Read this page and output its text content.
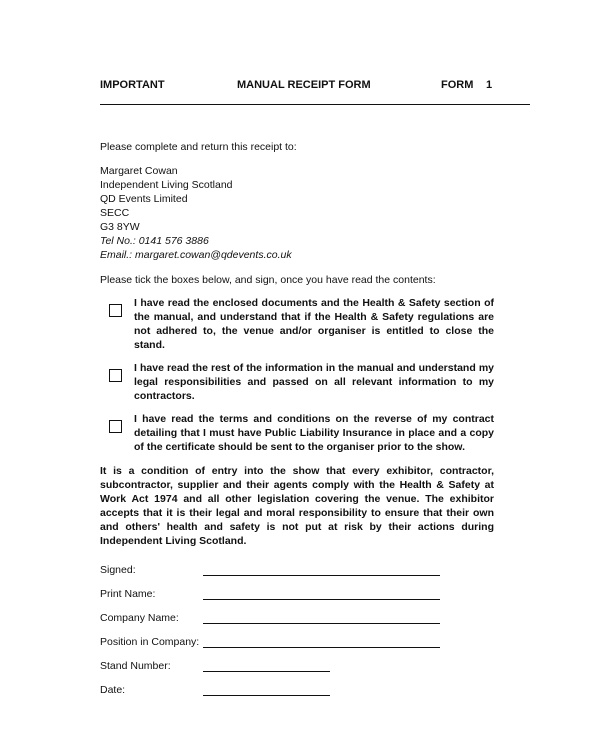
IMPORTANT	MANUAL RECEIPT FORM	FORM 1
Please complete and return this receipt to:
Margaret Cowan
Independent Living Scotland
QD Events Limited
SECC
G3 8YW
Tel No.: 0141 576 3886
Email.: margaret.cowan@qdevents.co.uk
Please tick the boxes below, and sign, once you have read the contents:
I have read the enclosed documents and the Health & Safety section of the manual, and understand that if the Health & Safety regulations are not adhered to, the venue and/or organiser is entitled to close the stand.
I have read the rest of the information in the manual and understand my legal responsibilities and passed on all relevant information to my contractors.
I have read the terms and conditions on the reverse of my contract detailing that I must have Public Liability Insurance in place and a copy of the certificate should be sent to the organiser prior to the show.
It is a condition of entry into the show that every exhibitor, contractor, subcontractor, supplier and their agents comply with the Health & Safety at Work Act 1974 and all other legislation covering the venue. The exhibitor accepts that it is their legal and moral responsibility to ensure that their own and others' health and safety is not put at risk by their actions during Independent Living Scotland.
Signed:
Print Name:
Company Name:
Position in Company:
Stand Number:
Date:
